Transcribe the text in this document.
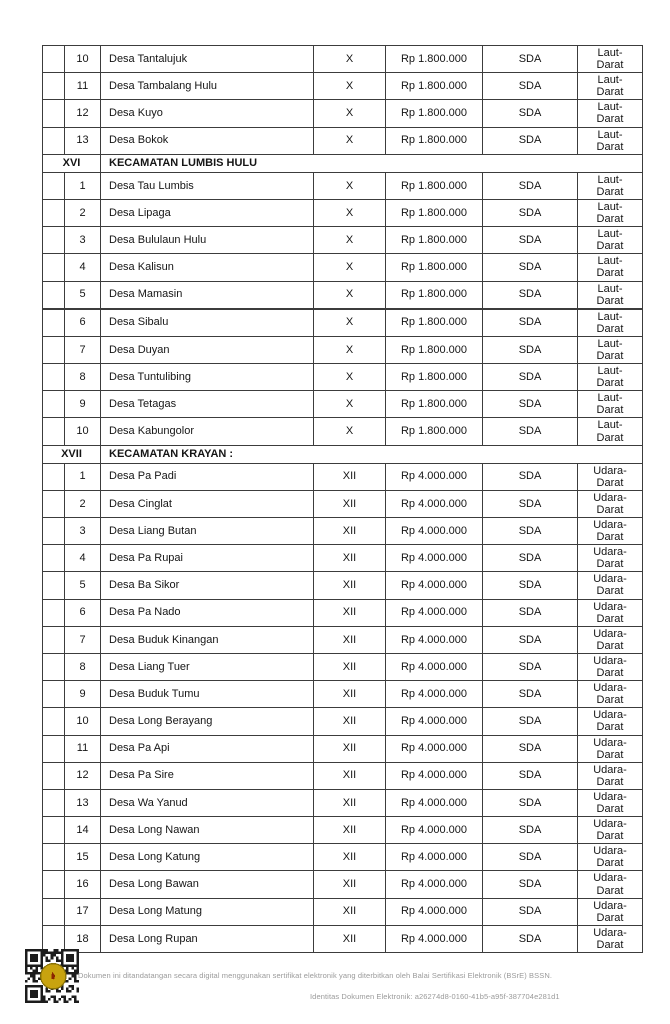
	10	Desa Tantalujuk	X	Rp 1.800.000	SDA	Laut-Darat
	11	Desa Tambalang Hulu	X	Rp 1.800.000	SDA	Laut-Darat
	12	Desa Kuyo	X	Rp 1.800.000	SDA	Laut-Darat
	13	Desa Bokok	X	Rp 1.800.000	SDA	Laut-Darat
XVI		KECAMATAN LUMBIS HULU				
	1	Desa Tau Lumbis	X	Rp 1.800.000	SDA	Laut-Darat
	2	Desa Lipaga	X	Rp 1.800.000	SDA	Laut-Darat
	3	Desa Bululaun Hulu	X	Rp 1.800.000	SDA	Laut-Darat
	4	Desa Kalisun	X	Rp 1.800.000	SDA	Laut-Darat
	5	Desa Mamasin	X	Rp 1.800.000	SDA	Laut-Darat
	6	Desa Sibalu	X	Rp 1.800.000	SDA	Laut-Darat
	7	Desa Duyan	X	Rp 1.800.000	SDA	Laut-Darat
	8	Desa Tuntulibing	X	Rp 1.800.000	SDA	Laut-Darat
	9	Desa Tetagas	X	Rp 1.800.000	SDA	Laut-Darat
	10	Desa Kabungolor	X	Rp 1.800.000	SDA	Laut-Darat
XVII		KECAMATAN KRAYAN :				
	1	Desa Pa Padi	XII	Rp 4.000.000	SDA	Udara-Darat
	2	Desa Cinglat	XII	Rp 4.000.000	SDA	Udara-Darat
	3	Desa Liang Butan	XII	Rp 4.000.000	SDA	Udara-Darat
	4	Desa Pa Rupai	XII	Rp 4.000.000	SDA	Udara-Darat
	5	Desa Ba Sikor	XII	Rp 4.000.000	SDA	Udara-Darat
	6	Desa Pa Nado	XII	Rp 4.000.000	SDA	Udara-Darat
	7	Desa Buduk Kinangan	XII	Rp 4.000.000	SDA	Udara-Darat
	8	Desa Liang Tuer	XII	Rp 4.000.000	SDA	Udara-Darat
	9	Desa Buduk Tumu	XII	Rp 4.000.000	SDA	Udara-Darat
	10	Desa Long Berayang	XII	Rp 4.000.000	SDA	Udara-Darat
	11	Desa Pa Api	XII	Rp 4.000.000	SDA	Udara-Darat
	12	Desa Pa Sire	XII	Rp 4.000.000	SDA	Udara-Darat
	13	Desa Wa Yanud	XII	Rp 4.000.000	SDA	Udara-Darat
	14	Desa Long Nawan	XII	Rp 4.000.000	SDA	Udara-Darat
	15	Desa Long Katung	XII	Rp 4.000.000	SDA	Udara-Darat
	16	Desa Long Bawan	XII	Rp 4.000.000	SDA	Udara-Darat
	17	Desa Long Matung	XII	Rp 4.000.000	SDA	Udara-Darat
	18	Desa Long Rupan	XII	Rp 4.000.000	SDA	Udara-Darat
Dokumen ini ditandatangan secara digital menggunakan sertifikat elektronik yang diterbitkan oleh Balai Sertifikasi Elektronik (BSrE) BSSN.
Identitas Dokumen Elektronik: a26274d8-0160-41b5-a95f-387704e281d1
